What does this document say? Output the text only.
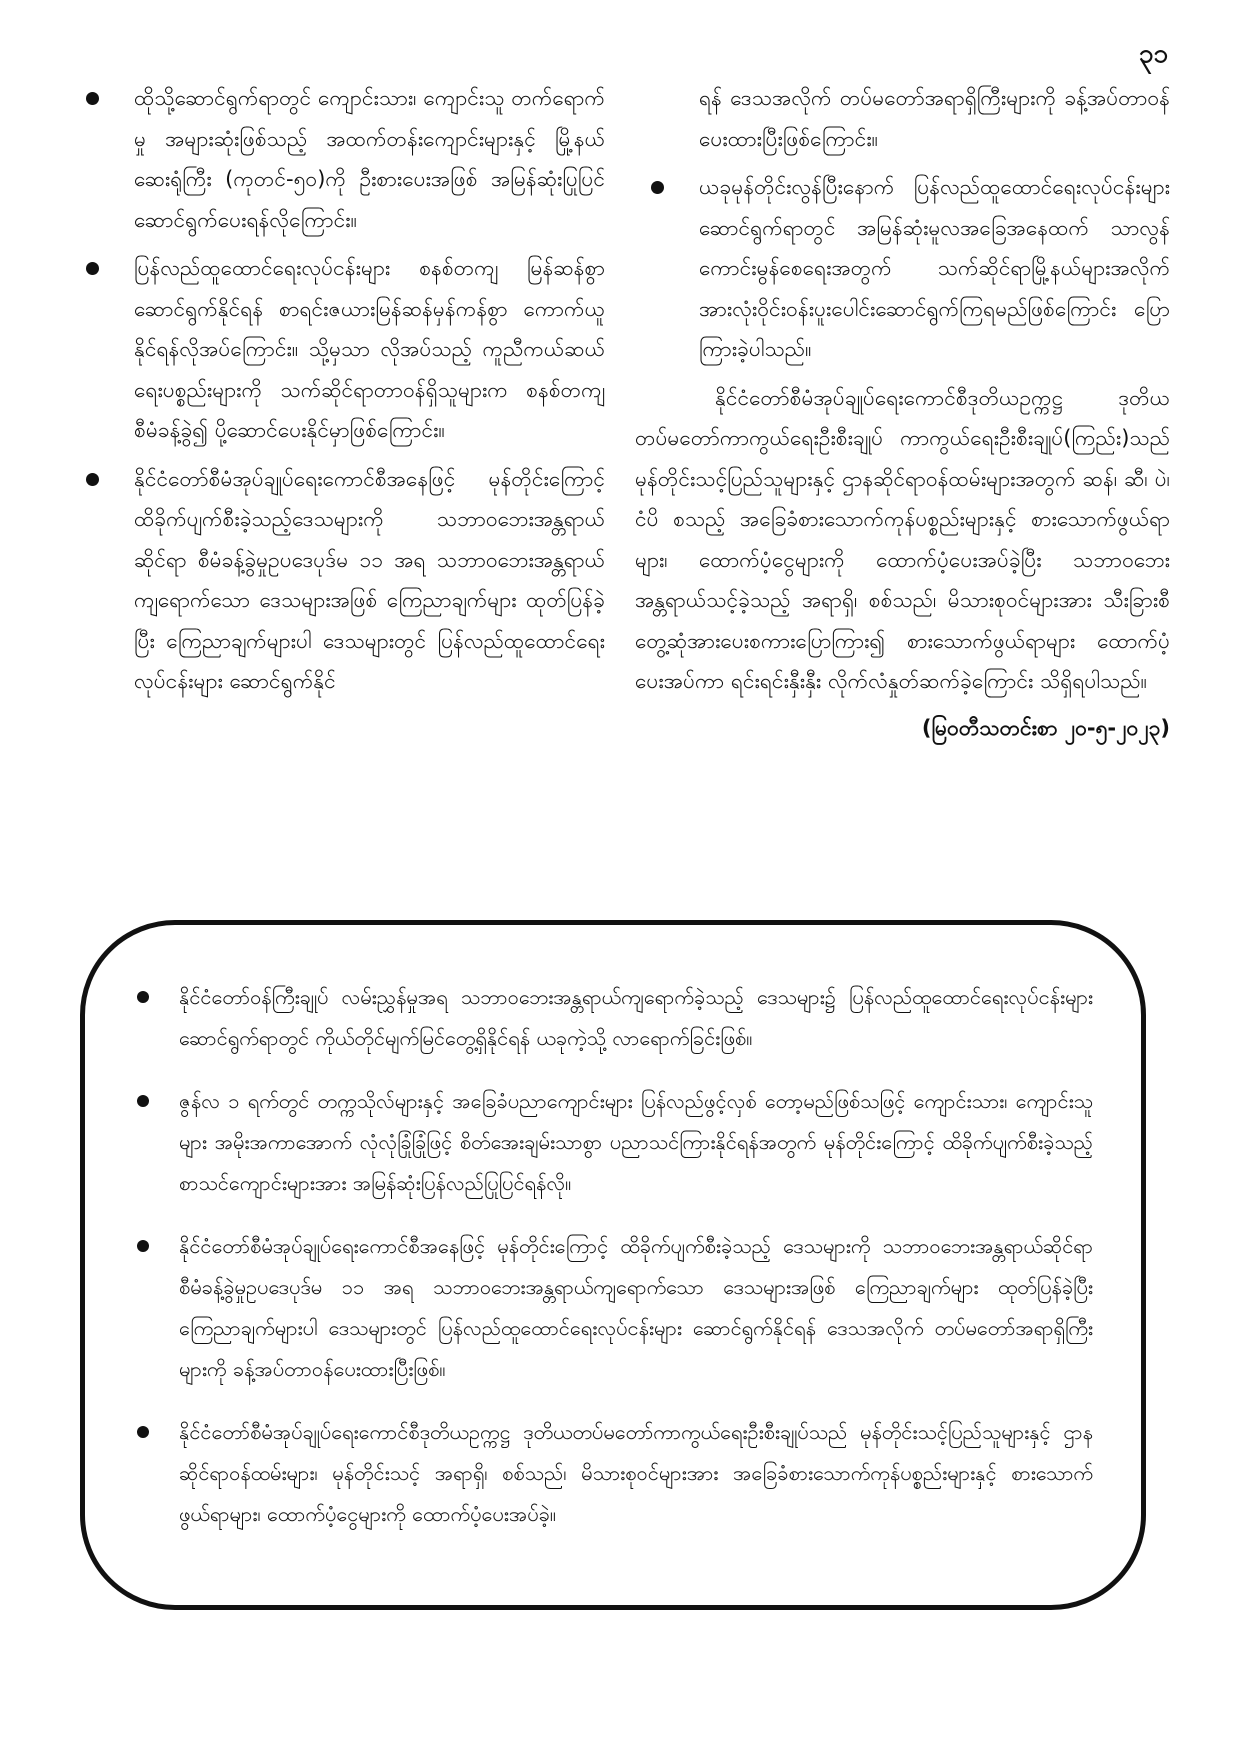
၃၁
ထိုသို့ဆောင်ရွက်ရာတွင် ကျောင်းသား၊ ကျောင်းသူ တက်ရောက်မှု အများဆုံးဖြစ်သည့် အထက်တန်းကျောင်းများနှင့် မြို့နယ်ဆေးရုံကြီး (ကုတင်-၅၀)ကို ဦးစားပေးအဖြစ် အမြန်ဆုံးပြုပြင်ဆောင်ရွက်ပေးရန်လိုကြောင်း။
ပြန်လည်ထူထောင်ရေးလုပ်ငန်းများ စနစ်တကျ မြန်ဆန်စွာ ဆောင်ရွက်နိုင်ရန် စာရင်းဇယားမြန်ဆန်မှန်ကန်စွာ ကောက်ယူနိုင်ရန်လိုအပ်ကြောင်း။ သို့မှသာ လိုအပ်သည့် ကူညီကယ်ဆယ်ရေးပစ္စည်းများကို သက်ဆိုင်ရာတာဝန်ရှိသူများက စနစ်တကျ စီမံခန့်ခွဲ၍ ပို့ဆောင်ပေးနိုင်မှာဖြစ်ကြောင်း။
နိုင်ငံတော်စီမံအုပ်ချုပ်ရေးကောင်စီအနေဖြင့် မုန်တိုင်းကြောင့် ထိခိုက်ပျက်စီးခဲ့သည့်ဒေသများကို သဘာဝဘေးအန္တရာယ်ဆိုင်ရာ စီမံခန့်ခွဲမှုဥပဒေပုဒ်မ ၁၁ အရ သဘာဝဘေးအန္တရာယ်ကျရောက်သော ဒေသများအဖြစ် ကြေညာချက်များ ထုတ်ပြန်ခဲ့ပြီး ကြေညာချက်များပါ ဒေသများတွင် ပြန်လည်ထူထောင်ရေးလုပ်ငန်းများ ဆောင်ရွက်နိုင်
ရန် ဒေသအလိုက် တပ်မတော်အရာရှိကြီးများကို ခန့်အပ်တာဝန်ပေးထားပြီးဖြစ်ကြောင်း။
ယခုမုန်တိုင်းလွန်ပြီးနောက် ပြန်လည်ထူထောင်ရေးလုပ်ငန်းများ ဆောင်ရွက်ရာတွင် အမြန်ဆုံးမူလအခြေအနေထက် သာလွန်ကောင်းမွန်စေရေးအတွက် သက်ဆိုင်ရာမြို့နယ်များအလိုက် အားလုံးဝိုင်းဝန်းပူးပေါင်းဆောင်ရွက်ကြရမည်ဖြစ်ကြောင်း ပြောကြားခဲ့ပါသည်။

နိုင်ငံတော်စီမံအုပ်ချုပ်ရေးကောင်စီဒုတိယဥက္ကဋ္ဌ ဒုတိယတပ်မတော်ကာကွယ်ရေးဦးစီးချုပ် ကာကွယ်ရေးဦးစီးချုပ်(ကြည်း)သည် မုန်တိုင်းသင့်ပြည်သူများနှင့် ဌာနဆိုင်ရာဝန်ထမ်းများအတွက် ဆန်၊ ဆီ၊ ပဲ၊ ငံပိ စသည့် အခြေခံစားသောက်ကုန်ပစ္စည်းများနှင့် စားသောက်ဖွယ်ရာများ၊ ထောက်ပံ့ငွေများကို ထောက်ပံ့ပေးအပ်ခဲ့ပြီး သဘာဝဘေး အန္တရာယ်သင့်ခဲ့သည့် အရာရှိ၊ စစ်သည်၊ မိသားစုဝင်များအား သီးခြားစီတွေ့ဆုံအားပေးစကားပြောကြား၍ စားသောက်ဖွယ်ရာများ ထောက်ပံ့ပေးအပ်ကာ ရင်းရင်းနှီးနှီး လိုက်လံနှုတ်ဆက်ခဲ့ကြောင်း သိရှိရပါသည်။

(မြဝတီသတင်းစာ ၂၀-၅-၂၀၂၃)

နိုင်ငံတော်ဝန်ကြီးချုပ် လမ်းညွှန်မှုအရ သဘာဝဘေးအန္တရာယ်ကျရောက်ခဲ့သည့် ဒေသများ၌ ပြန်လည်ထူထောင်ရေးလုပ်ငန်းများ ဆောင်ရွက်ရာတွင် ကိုယ်တိုင်မျက်မြင်တွေ့ရှိနိုင်ရန် ယခုကဲ့သို့ လာရောက်ခြင်းဖြစ်။
ဇွန်လ ၁ ရက်တွင် တက္ကသိုလ်များနှင့် အခြေခံပညာကျောင်းများ ပြန်လည်ဖွင့်လှစ် တော့မည်ဖြစ်သဖြင့် ကျောင်းသား၊ ကျောင်းသူများ အမိုးအကာအောက် လုံလုံခြုံခြုံဖြင့် စိတ်အေးချမ်းသာစွာ ပညာသင်ကြားနိုင်ရန်အတွက် မုန်တိုင်းကြောင့် ထိခိုက်ပျက်စီးခဲ့သည့် စာသင်ကျောင်းများအား အမြန်ဆုံးပြန်လည်ပြုပြင်ရန်လို။
နိုင်ငံတော်စီမံအုပ်ချုပ်ရေးကောင်စီအနေဖြင့် မုန်တိုင်းကြောင့် ထိခိုက်ပျက်စီးခဲ့သည့် ဒေသများကို သဘာဝဘေးအန္တရာယ်ဆိုင်ရာ စီမံခန့်ခွဲမှုဥပဒေပုဒ်မ ၁၁ အရ သဘာဝဘေးအန္တရာယ်ကျရောက်သော ဒေသများအဖြစ် ကြေညာချက်များ ထုတ်ပြန်ခဲ့ပြီး ကြေညာချက်များပါ ဒေသများတွင် ပြန်လည်ထူထောင်ရေးလုပ်ငန်းများ ဆောင်ရွက်နိုင်ရန် ဒေသအလိုက် တပ်မတော်အရာရှိကြီးများကို ခန့်အပ်တာဝန်ပေးထားပြီးဖြစ်။
နိုင်ငံတော်စီမံအုပ်ချုပ်ရေးကောင်စီဒုတိယဥက္ကဋ္ဌ ဒုတိယတပ်မတော်ကာကွယ်ရေးဦးစီးချုပ်သည် မုန်တိုင်းသင့်ပြည်သူများနှင့် ဌာနဆိုင်ရာဝန်ထမ်းများ၊ မုန်တိုင်းသင့် အရာရှိ၊ စစ်သည်၊ မိသားစုဝင်များအား အခြေခံစားသောက်ကုန်ပစ္စည်းများနှင့် စားသောက်ဖွယ်ရာများ၊ ထောက်ပံ့ငွေများကို ထောက်ပံ့ပေးအပ်ခဲ့။
